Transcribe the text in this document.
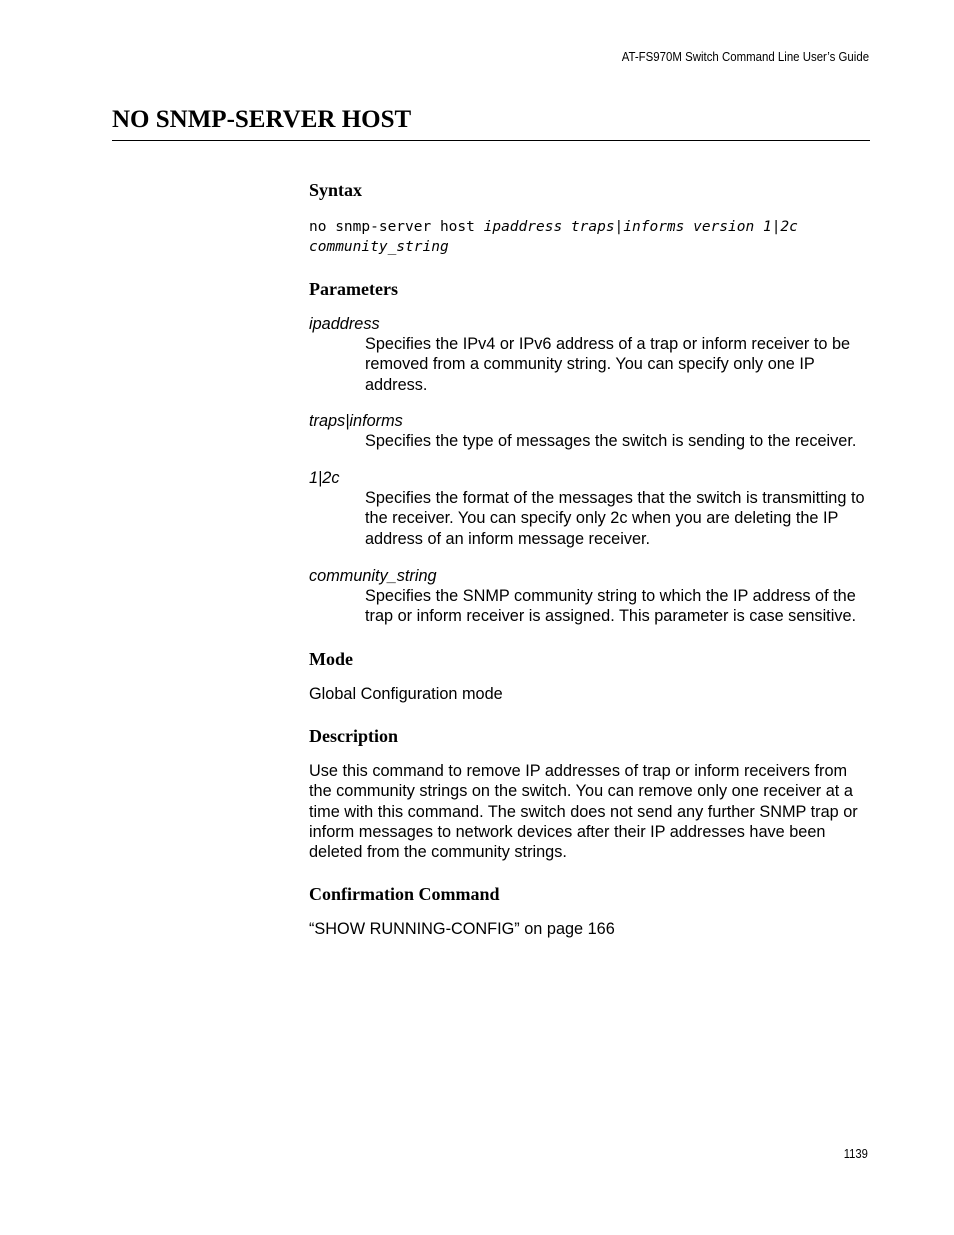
AT-FS970M Switch Command Line User’s Guide
NO SNMP-SERVER HOST
Syntax
no snmp-server host ipaddress traps|informs version 1|2c
community_string
Parameters

ipaddress

Specifies the IPv4 or IPv6 address of a trap or inform receiver to be removed from a community string. You can specify only one IP address.

traps|informs

Specifies the type of messages the switch is sending to the receiver.

1|2c

Specifies the format of the messages that the switch is transmitting to the receiver. You can specify only 2c when you are deleting the IP address of an inform message receiver.

community_string

Specifies the SNMP community string to which the IP address of the trap or inform receiver is assigned. This parameter is case sensitive.

Mode

Global Configuration mode

Description

Use this command to remove IP addresses of trap or inform receivers from the community strings on the switch. You can remove only one receiver at a time with this command. The switch does not send any further SNMP trap or inform messages to network devices after their IP addresses have been deleted from the community strings.

Confirmation Command

“SHOW RUNNING-CONFIG” on page 166

1139
